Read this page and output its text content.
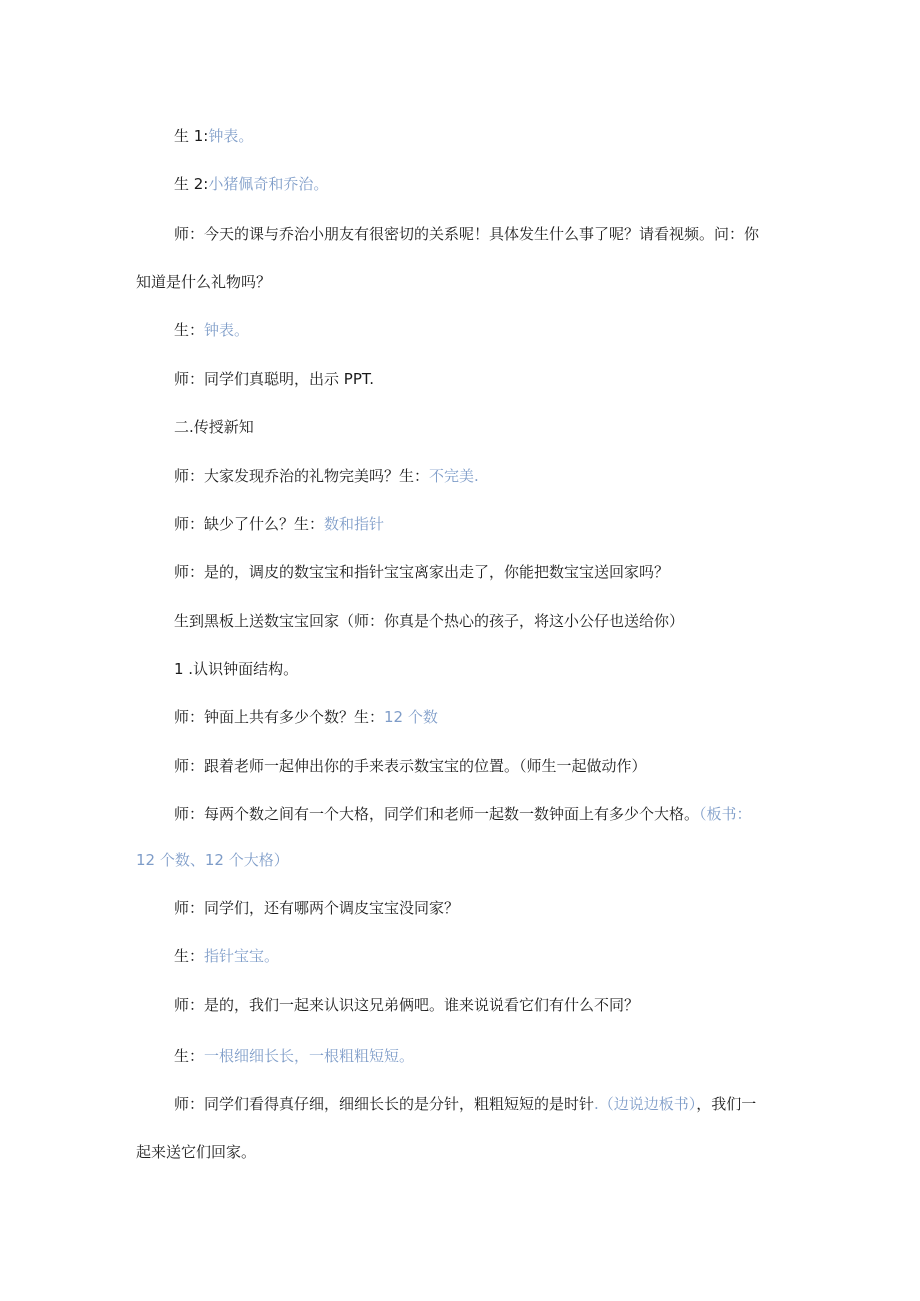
生 1:钟表。
生 2:小猪佩奇和乔治。
师：今天的课与乔治小朋友有很密切的关系呢！具体发生什么事了呢？请看视频。问：你
知道是什么礼物吗？
生：钟表。
师：同学们真聪明，出示 PPT.
二.传授新知
师：大家发现乔治的礼物完美吗？生：不完美.
师：缺少了什么？生：数和指针
师：是的，调皮的数宝宝和指针宝宝离家出走了，你能把数宝宝送回家吗？
生到黑板上送数宝宝回家（师：你真是个热心的孩子，将这小公仔也送给你）
1 .认识钟面结构。
师：钟面上共有多少个数？生：12 个数
师：跟着老师一起伸出你的手来表示数宝宝的位置。（师生一起做动作）
师：每两个数之间有一个大格，同学们和老师一起数一数钟面上有多少个大格。（板书：
12 个数、12 个大格）
师：同学们，还有哪两个调皮宝宝没同家？
生：指针宝宝。
师：是的，我们一起来认识这兄弟俩吧。谁来说说看它们有什么不同？
生：一根细细长长，一根粗粗短短。
师：同学们看得真仔细，细细长长的是分针，粗粗短短的是时针.（边说边板书），我们一
起来送它们回家。
